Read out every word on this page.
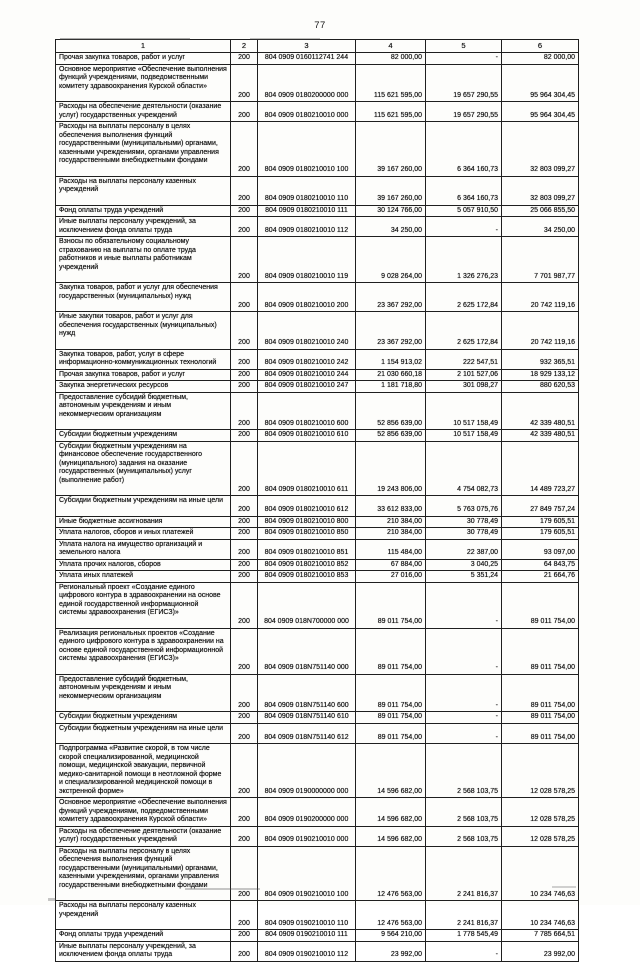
77
1	2	3	4	5	6
Прочая закупка товаров, работ и услуг	200	804 0909 0160112741 244	82 000,00	-	82 000,00
Основное мероприятие «Обеспечение выполнения функций учреждениями, подведомственными комитету здравоохранения Курской области»	200	804 0909 0180200000 000	115 621 595,00	19 657 290,55	95 964 304,45
Расходы на обеспечение деятельности (оказание услуг) государственных учреждений	200	804 0909 0180210010 000	115 621 595,00	19 657 290,55	95 964 304,45
Расходы на выплаты персоналу в целях обеспечения выполнения функций государственными (муниципальными) органами, казенными учреждениями, органами управления государственными внебюджетными фондами	200	804 0909 0180210010 100	39 167 260,00	6 364 160,73	32 803 099,27
Расходы на выплаты персоналу казенных учреждений	200	804 0909 0180210010 110	39 167 260,00	6 364 160,73	32 803 099,27
Фонд оплаты труда учреждений	200	804 0909 0180210010 111	30 124 766,00	5 057 910,50	25 066 855,50
Иные выплаты персоналу учреждений, за исключением фонда оплаты труда	200	804 0909 0180210010 112	34 250,00	-	34 250,00
Взносы по обязательному социальному страхованию на выплаты по оплате труда работников и иные выплаты работникам учреждений	200	804 0909 0180210010 119	9 028 264,00	1 326 276,23	7 701 987,77
Закупка товаров, работ и услуг для обеспечения государственных (муниципальных) нужд	200	804 0909 0180210010 200	23 367 292,00	2 625 172,84	20 742 119,16
Иные закупки товаров, работ и услуг для обеспечения государственных (муниципальных) нужд	200	804 0909 0180210010 240	23 367 292,00	2 625 172,84	20 742 119,16
Закупка товаров, работ, услуг в сфере информационно-коммуникационных технологий	200	804 0909 0180210010 242	1 154 913,02	222 547,51	932 365,51
Прочая закупка товаров, работ и услуг	200	804 0909 0180210010 244	21 030 660,18	2 101 527,06	18 929 133,12
Закупка энергетических ресурсов	200	804 0909 0180210010 247	1 181 718,80	301 098,27	880 620,53
Предоставление субсидий бюджетным, автономным учреждениям и иным некоммерческим организациям	200	804 0909 0180210010 600	52 856 639,00	10 517 158,49	42 339 480,51
Субсидии бюджетным учреждениям	200	804 0909 0180210010 610	52 856 639,00	10 517 158,49	42 339 480,51
Субсидии бюджетным учреждениям на финансовое обеспечение государственного (муниципального) задания на оказание государственных (муниципальных) услуг (выполнение работ)	200	804 0909 0180210010 611	19 243 806,00	4 754 082,73	14 489 723,27
Субсидии бюджетным учреждениям на иные цели	200	804 0909 0180210010 612	33 612 833,00	5 763 075,76	27 849 757,24
Иные бюджетные ассигнования	200	804 0909 0180210010 800	210 384,00	30 778,49	179 605,51
Уплата налогов, сборов и иных платежей	200	804 0909 0180210010 850	210 384,00	30 778,49	179 605,51
Уплата налога на имущество организаций и земельного налога	200	804 0909 0180210010 851	115 484,00	22 387,00	93 097,00
Уплата прочих налогов, сборов	200	804 0909 0180210010 852	67 884,00	3 040,25	64 843,75
Уплата иных платежей	200	804 0909 0180210010 853	27 016,00	5 351,24	21 664,76
Региональный проект «Создание единого цифрового контура в здравоохранении на основе единой государственной информационной системы здравоохранения (ЕГИСЗ)»	200	804 0909 018N700000 000	89 011 754,00	-	89 011 754,00
Реализация региональных проектов «Создание единого цифрового контура в здравоохранении на основе единой государственной информационной системы здравоохранения (ЕГИСЗ)»	200	804 0909 018N751140 000	89 011 754,00	-	89 011 754,00
Предоставление субсидий бюджетным, автономным учреждениям и иным некоммерческим организациям	200	804 0909 018N751140 600	89 011 754,00	-	89 011 754,00
Субсидии бюджетным учреждениям	200	804 0909 018N751140 610	89 011 754,00	-	89 011 754,00
Субсидии бюджетным учреждениям на иные цели	200	804 0909 018N751140 612	89 011 754,00	-	89 011 754,00
Подпрограмма «Развитие скорой, в том числе скорой специализированной, медицинской помощи, медицинской эвакуации, первичной медико-санитарной помощи в неотложной форме и специализированной медицинской помощи в экстренной форме»	200	804 0909 0190000000 000	14 596 682,00	2 568 103,75	12 028 578,25
Основное мероприятие «Обеспечение выполнения функций учреждениями, подведомственными комитету здравоохранения Курской области»	200	804 0909 0190200000 000	14 596 682,00	2 568 103,75	12 028 578,25
Расходы на обеспечение деятельности (оказание услуг) государственных учреждений	200	804 0909 0190210010 000	14 596 682,00	2 568 103,75	12 028 578,25
Расходы на выплаты персоналу в целях обеспечения выполнения функций государственными (муниципальными) органами, казенными учреждениями, органами управления государственными внебюджетными фондами	200	804 0909 0190210010 100	12 476 563,00	2 241 816,37	10 234 746,63
Расходы на выплаты персоналу казенных учреждений	200	804 0909 0190210010 110	12 476 563,00	2 241 816,37	10 234 746,63
Фонд оплаты труда учреждений	200	804 0909 0190210010 111	9 564 210,00	1 778 545,49	7 785 664,51
Иные выплаты персоналу учреждений, за исключением фонда оплаты труда	200	804 0909 0190210010 112	23 992,00	-	23 992,00
